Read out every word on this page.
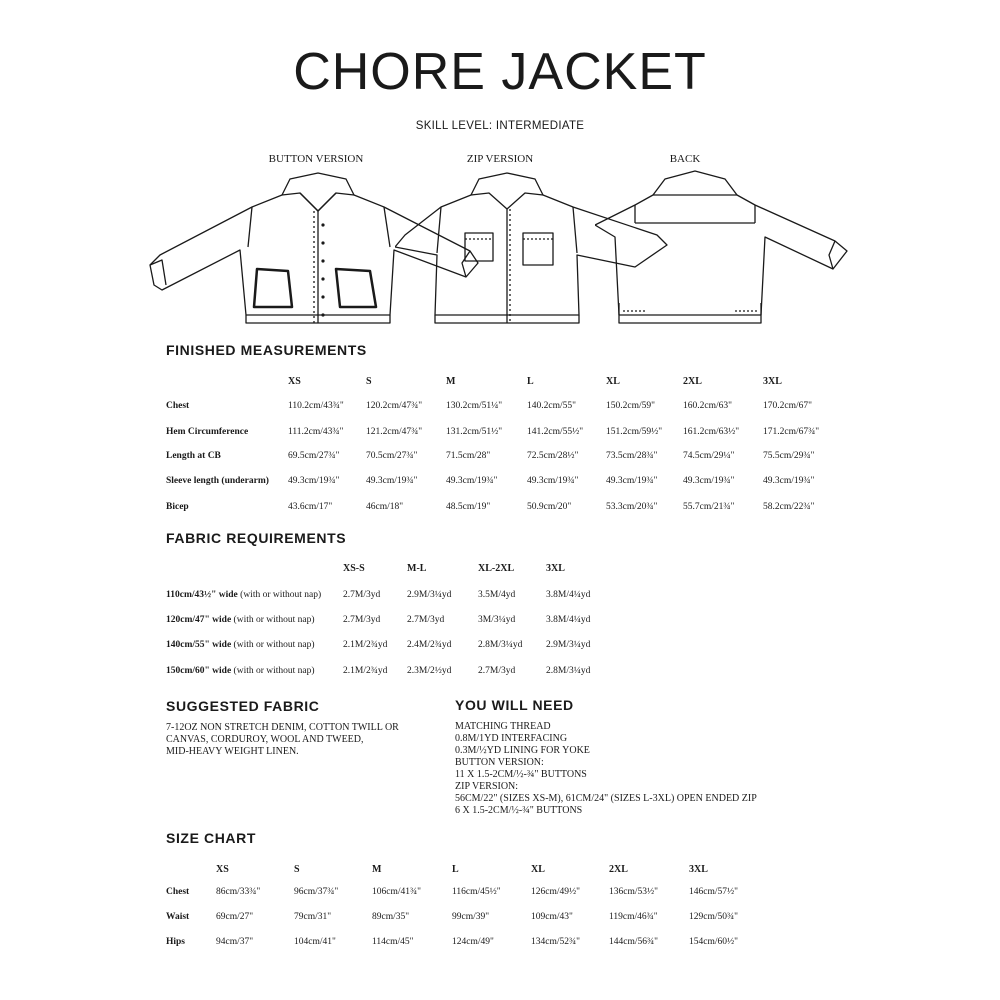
CHORE JACKET
SKILL LEVEL: INTERMEDIATE
BUTTON VERSION	ZIP VERSION	BACK
FINISHED MEASUREMENTS
XS	S	M	L	XL	2XL	3XL
Chest	110.2cm/43¾" 120.2cm/47¾"	130.2cm/51¼"	140.2cm/55"	150.2cm/59"	160.2cm/63"	170.2cm/67"
Hem Circumference	111.2cm/43¾" 121.2cm/47¾"	131.2cm/51½"	141.2cm/55½" 151.2cm/59½" 161.2cm/63½"	171.2cm/67¾"
Length at CB	69.5cm/27¾"	70.5cm/27¾"	71.5cm/28"	72.5cm/28½"	73.5cm/28¾"	74.5cm/29¼"	75.5cm/29¾"
Sleeve length (underarm) 49.3cm/19¾"	49.3cm/19¾"	49.3cm/19¾"	49.3cm/19¾"	49.3cm/19¾"	49.3cm/19¾"	49.3cm/19¾"
Bicep	43.6cm/17"	46cm/18"	48.5cm/19"	50.9cm/20"	53.3cm/20¾"	55.7cm/21¾"	58.2cm/22¾"
FABRIC REQUIREMENTS
XS-S	M-L	XL-2XL	3XL
110cm/43½" wide (with or without nap) 2.7M/3yd	2.9M/3¼yd	3.5M/4yd	3.8M/4¼yd
120cm/47" wide (with or without nap)	2.7M/3yd	2.7M/3yd	3M/3¼yd	3.8M/4¼yd
140cm/55" wide (with or without nap)	2.1M/2¾yd 2.4M/2¾yd	2.8M/3¼yd 2.9M/3¼yd
150cm/60" wide (with or without nap)	2.1M/2¾yd 2.3M/2½yd	2.7M/3yd	2.8M/3¼yd
SUGGESTED FABRIC
7-12OZ NON STRETCH DENIM, COTTON TWILL OR
CANVAS, CORDUROY, WOOL AND TWEED,
MID-HEAVY WEIGHT LINEN.
YOU WILL NEED
MATCHING THREAD
0.8M/1YD INTERFACING
0.3M/½YD LINING FOR YOKE
BUTTON VERSION:
11 X 1.5-2CM/½-¾" BUTTONS
ZIP VERSION:
56CM/22" (SIZES XS-M), 61CM/24" (SIZES L-3XL) OPEN ENDED ZIP
6 X 1.5-2CM/½-¾" BUTTONS
SIZE CHART
XS	S	M	L	XL	2XL	3XL
Chest	86cm/33¾"	96cm/37¾"	106cm/41¾"	116cm/45½"	126cm/49½"	136cm/53½"	146cm/57½"
Waist	69cm/27"	79cm/31"	89cm/35"	99cm/39"	109cm/43"	119cm/46¾"	129cm/50¾"
Hips	94cm/37"	104cm/41"	114cm/45"	124cm/49"	134cm/52¾"	144cm/56¾"	154cm/60½"
